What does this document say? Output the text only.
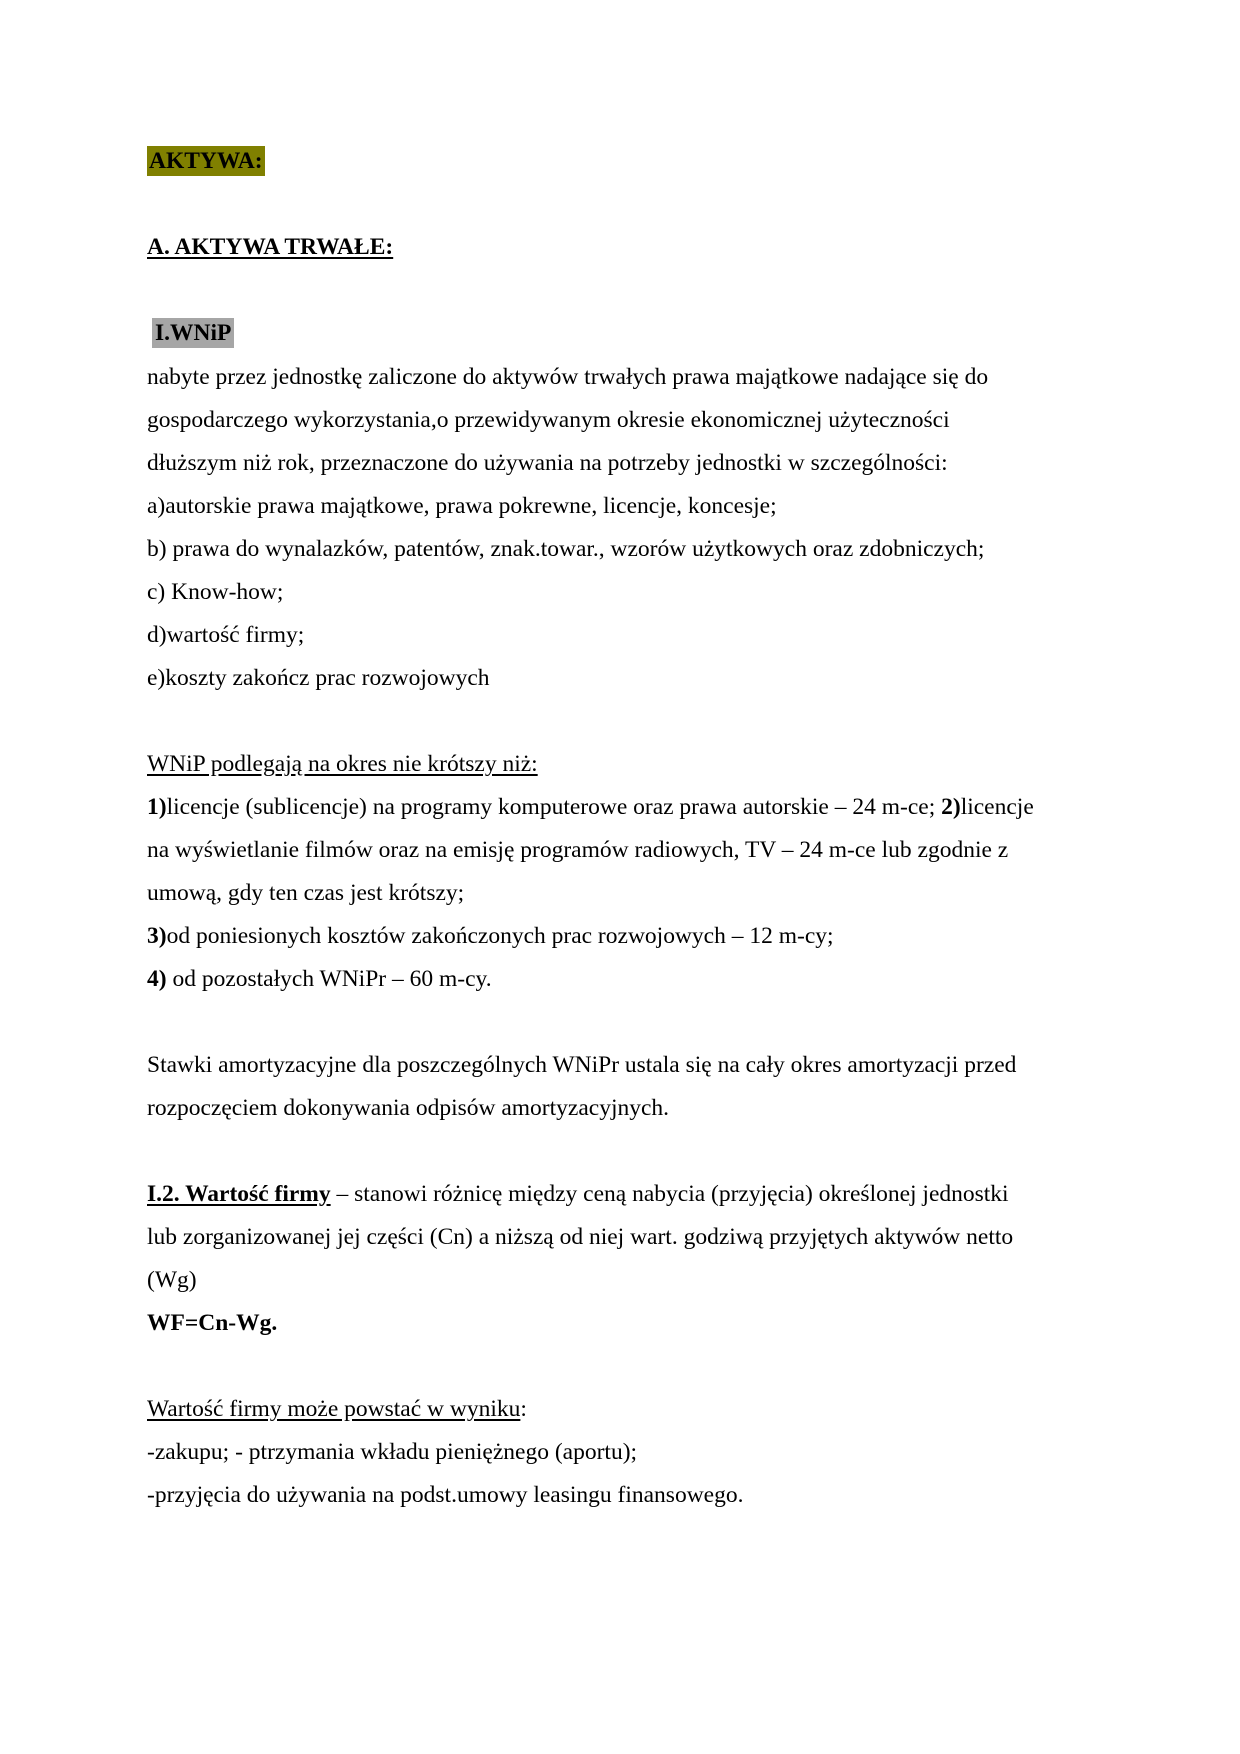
AKTYWA:
A. AKTYWA TRWAŁE:
I.WNiP
nabyte przez jednostkę zaliczone do aktywów trwałych prawa majątkowe nadające się do
gospodarczego wykorzystania,o przewidywanym okresie ekonomicznej użyteczności
dłuższym niż rok, przeznaczone do używania na potrzeby jednostki w szczególności:
a)autorskie prawa majątkowe, prawa pokrewne, licencje, koncesje;
b) prawa do wynalazków, patentów, znak.towar., wzorów użytkowych oraz zdobniczych;
c) Know-how;
d)wartość firmy;
e)koszty zakończ prac rozwojowych
WNiP podlegają na okres nie krótszy niż:
1)licencje (sublicencje) na programy komputerowe oraz prawa autorskie – 24 m-ce; 2)licencje
na wyświetlanie filmów oraz na emisję programów radiowych, TV – 24 m-ce lub zgodnie z
umową, gdy ten czas jest krótszy;
3)od poniesionych kosztów zakończonych prac rozwojowych – 12 m-cy;
4) od pozostałych WNiPr – 60 m-cy.
Stawki amortyzacyjne dla poszczególnych WNiPr ustala się na cały okres amortyzacji przed
rozpoczęciem dokonywania odpisów amortyzacyjnych.
I.2. Wartość firmy – stanowi różnicę między ceną nabycia (przyjęcia) określonej jednostki
lub zorganizowanej jej części (Cn) a niższą od niej wart. godziwą przyjętych aktywów netto
(Wg)
WF=Cn-Wg.
Wartość firmy może powstać w wyniku:
-zakupu; - ptrzymania wkładu pieniężnego (aportu);
-przyjęcia do używania na podst.umowy leasingu finansowego.
